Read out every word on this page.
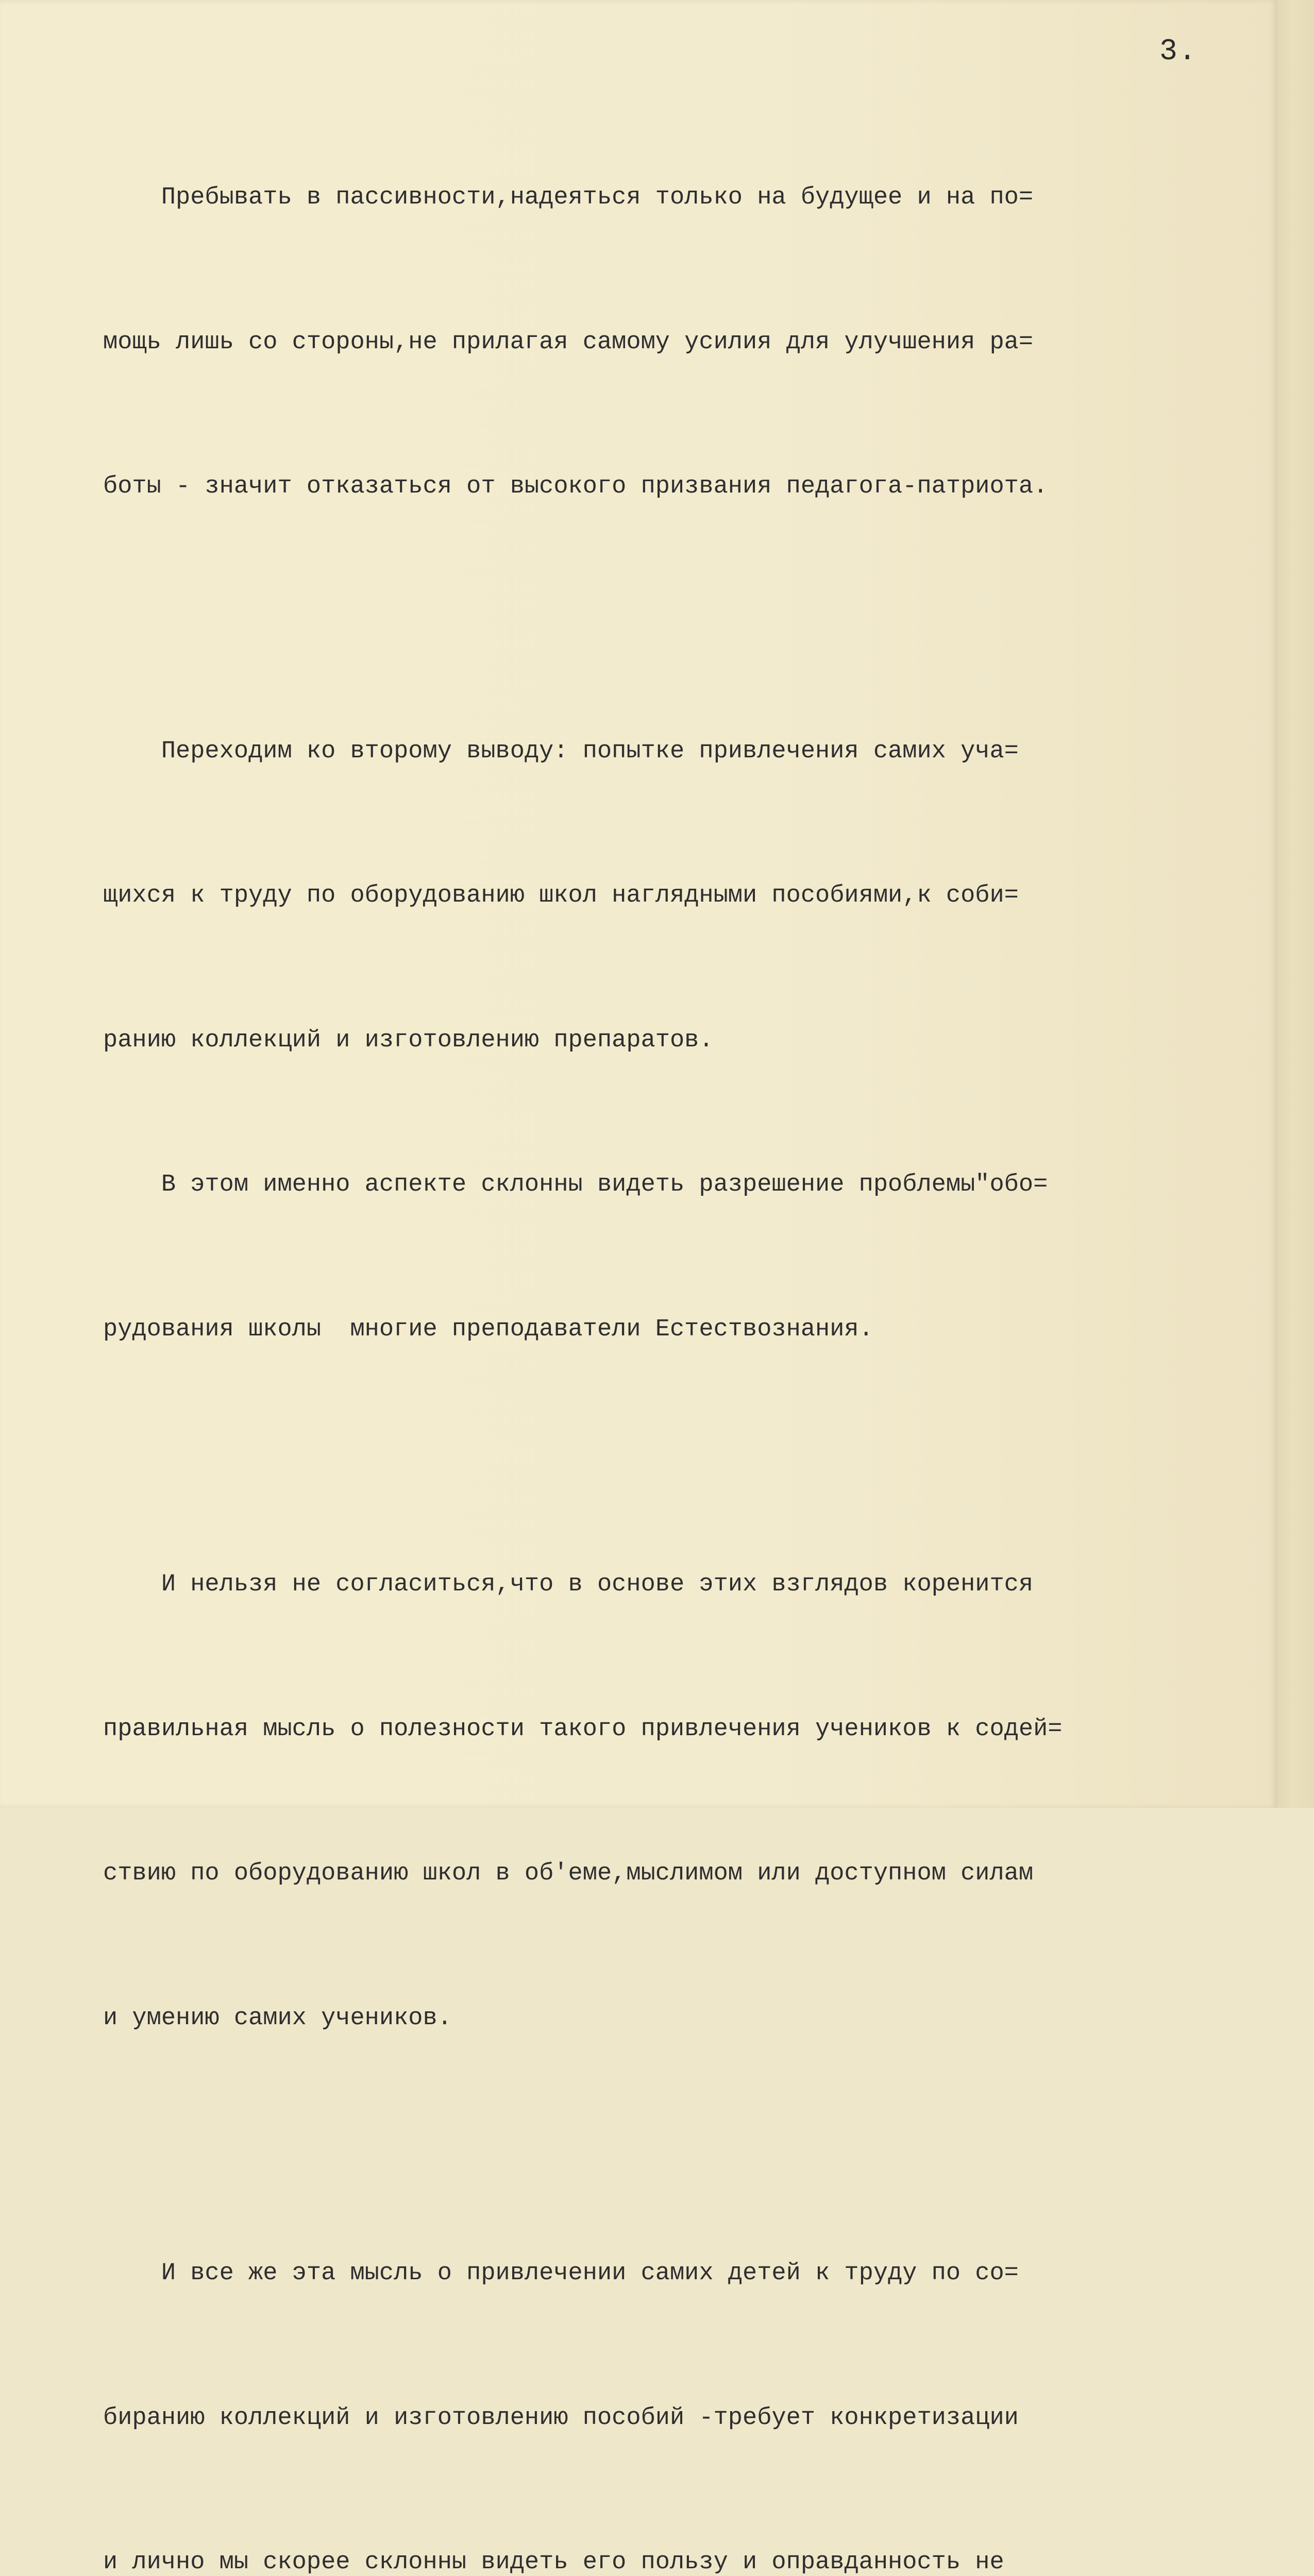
3.

Пребывать в пассивности,надеяться только на будущее и на по=

мощь лишь со стороны,не прилагая самому усилия для улучшения ра=

боты - значит отказаться от высокого призвания педагога-патриота.

Переходим ко второму выводу: попытке привлечения самих уча=

щихся к труду по оборудованию школ наглядными пособиями,к соби=

ранию коллекций и изготовлению препаратов.

В этом именно аспекте склонны видеть разрешение проблемы"обо=

рудования школы  многие преподаватели Естествознания.

И нельзя не согласиться,что в основе этих взглядов коренится

правильная мысль о полезности такого привлечения учеников к содей=

ствию по оборудованию школ в об'еме,мыслимом или доступном силам

и умению самих учеников.

И все же эта мысль о привлечении самих детей к труду по со=

биранию коллекций и изготовлению пособий -требует конкретизации

и лично мы скорее склонны видеть его пользу и оправданность не
